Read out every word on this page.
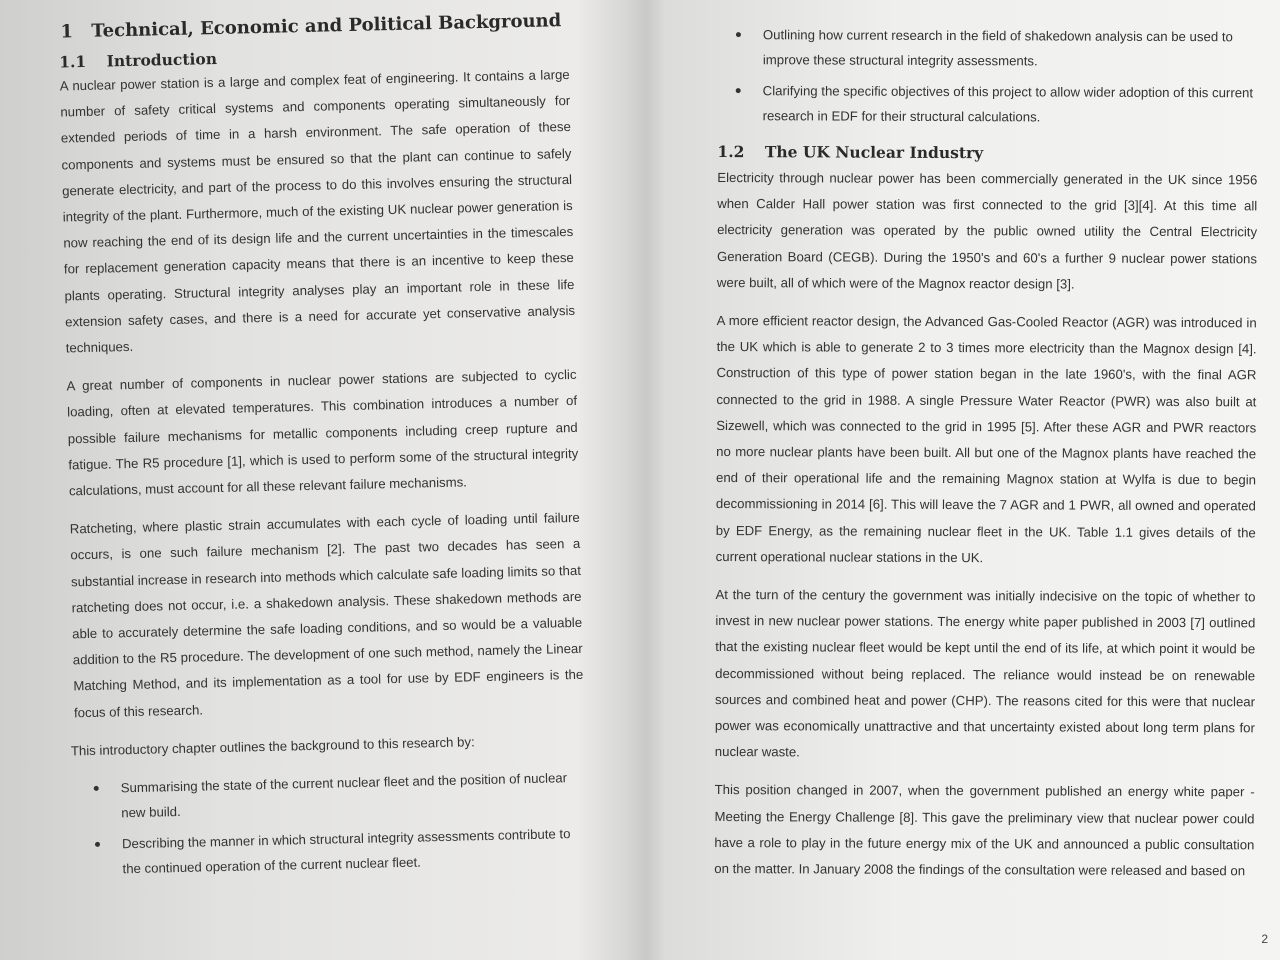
1 Technical, Economic and Political Background
1.1 Introduction

A nuclear power station is a large and complex feat of engineering. It contains a large number of safety critical systems and components operating simultaneously for extended periods of time in a harsh environment. The safe operation of these components and systems must be ensured so that the plant can continue to safely generate electricity, and part of the process to do this involves ensuring the structural integrity of the plant. Furthermore, much of the existing UK nuclear power generation is now reaching the end of its design life and the current uncertainties in the timescales for replacement generation capacity means that there is an incentive to keep these plants operating. Structural integrity analyses play an important role in these life extension safety cases, and there is a need for accurate yet conservative analysis techniques.

A great number of components in nuclear power stations are subjected to cyclic loading, often at elevated temperatures. This combination introduces a number of possible failure mechanisms for metallic components including creep rupture and fatigue. The R5 procedure [1], which is used to perform some of the structural integrity calculations, must account for all these relevant failure mechanisms.

Ratcheting, where plastic strain accumulates with each cycle of loading until failure occurs, is one such failure mechanism [2]. The past two decades has seen a substantial increase in research into methods which calculate safe loading limits so that ratcheting does not occur, i.e. a shakedown analysis. These shakedown methods are able to accurately determine the safe loading conditions, and so would be a valuable addition to the R5 procedure. The development of one such method, namely the Linear Matching Method, and its implementation as a tool for use by EDF engineers is the focus of this research.

This introductory chapter outlines the background to this research by:

Summarising the state of the current nuclear fleet and the position of nuclear new build.
Describing the manner in which structural integrity assessments contribute to the continued operation of the current nuclear fleet.
Outlining how current research in the field of shakedown analysis can be used to improve these structural integrity assessments.
Clarifying the specific objectives of this project to allow wider adoption of this current research in EDF for their structural calculations.
1.2 The UK Nuclear Industry

Electricity through nuclear power has been commercially generated in the UK since 1956 when Calder Hall power station was first connected to the grid [3][4]. At this time all electricity generation was operated by the public owned utility the Central Electricity Generation Board (CEGB). During the 1950's and 60's a further 9 nuclear power stations were built, all of which were of the Magnox reactor design [3].

A more efficient reactor design, the Advanced Gas-Cooled Reactor (AGR) was introduced in the UK which is able to generate 2 to 3 times more electricity than the Magnox design [4]. Construction of this type of power station began in the late 1960's, with the final AGR connected to the grid in 1988. A single Pressure Water Reactor (PWR) was also built at Sizewell, which was connected to the grid in 1995 [5]. After these AGR and PWR reactors no more nuclear plants have been built. All but one of the Magnox plants have reached the end of their operational life and the remaining Magnox station at Wylfa is due to begin decommissioning in 2014 [6]. This will leave the 7 AGR and 1 PWR, all owned and operated by EDF Energy, as the remaining nuclear fleet in the UK. Table 1.1 gives details of the current operational nuclear stations in the UK.

At the turn of the century the government was initially indecisive on the topic of whether to invest in new nuclear power stations. The energy white paper published in 2003 [7] outlined that the existing nuclear fleet would be kept until the end of its life, at which point it would be decommissioned without being replaced. The reliance would instead be on renewable sources and combined heat and power (CHP). The reasons cited for this were that nuclear power was economically unattractive and that uncertainty existed about long term plans for nuclear waste.

This position changed in 2007, when the government published an energy white paper - Meeting the Energy Challenge [8]. This gave the preliminary view that nuclear power could have a role to play in the future energy mix of the UK and announced a public consultation on the matter. In January 2008 the findings of the consultation were released and based on

2
